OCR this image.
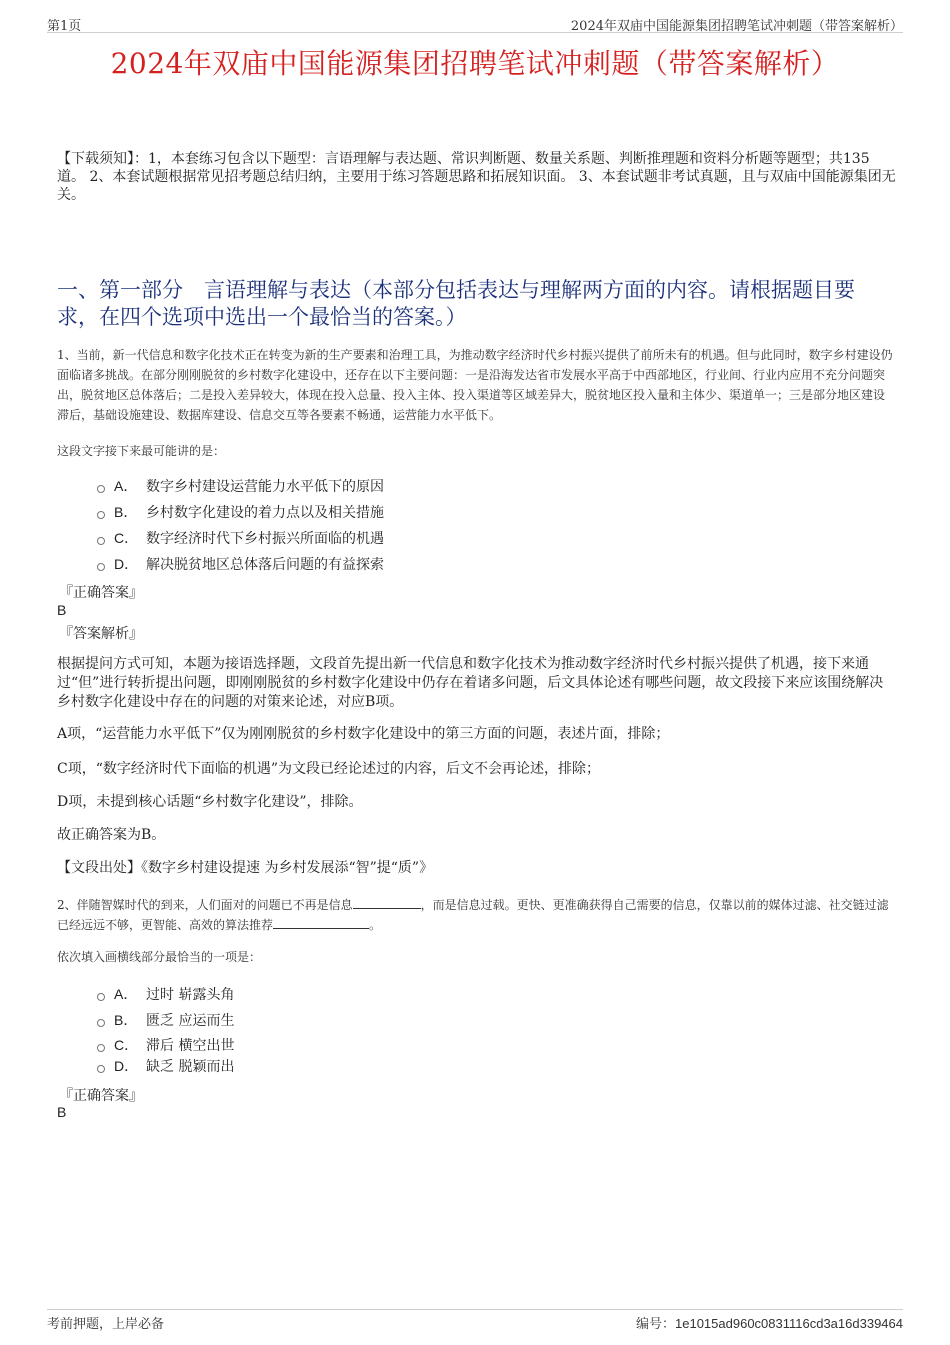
第1页	2024年双庙中国能源集团招聘笔试冲刺题（带答案解析）
2024年双庙中国能源集团招聘笔试冲刺题（带答案解析）
【下载须知】：1，本套练习包含以下题型：言语理解与表达题、常识判断题、数量关系题、判断推理题和资料分析题等题型；共135道。 2、本套试题根据常见招考题总结归纳，主要用于练习答题思路和拓展知识面。 3、本套试题非考试真题，且与双庙中国能源集团无关。
一、第一部分　言语理解与表达（本部分包括表达与理解两方面的内容。请根据题目要求，在四个选项中选出一个最恰当的答案。）
1、当前，新一代信息和数字化技术正在转变为新的生产要素和治理工具，为推动数字经济时代乡村振兴提供了前所未有的机遇。但与此同时，数字乡村建设仍面临诸多挑战。在部分刚刚脱贫的乡村数字化建设中，还存在以下主要问题：一是沿海发达省市发展水平高于中西部地区，行业间、行业内应用不充分问题突出，脱贫地区总体落后；二是投入差异较大，体现在投入总量、投入主体、投入渠道等区域差异大，脱贫地区投入量和主体少、渠道单一；三是部分地区建设滞后，基础设施建设、数据库建设、信息交互等各要素不畅通，运营能力水平低下。
这段文字接下来最可能讲的是：
A． 数字乡村建设运营能力水平低下的原因
B． 乡村数字化建设的着力点以及相关措施
C． 数字经济时代下乡村振兴所面临的机遇
D． 解决脱贫地区总体落后问题的有益探索
『正确答案』
B
『答案解析』
根据提问方式可知，本题为接语选择题，文段首先提出新一代信息和数字化技术为推动数字经济时代乡村振兴提供了机遇，接下来通过“但”进行转折提出问题，即刚刚脱贫的乡村数字化建设中仍存在着诸多问题，后文具体论述有哪些问题，故文段接下来应该围绕解决乡村数字化建设中存在的问题的对策来论述，对应B项。
A项，“运营能力水平低下”仅为刚刚脱贫的乡村数字化建设中的第三方面的问题，表述片面，排除；
C项，“数字经济时代下面临的机遇”为文段已经论述过的内容，后文不会再论述，排除；
D项，未提到核心话题“乡村数字化建设”，排除。
故正确答案为B。
【文段出处】《数字乡村建设提速 为乡村发展添“智”提“质”》
2、伴随智媒时代的到来，人们面对的问题已不再是信息	，而是信息过载。更快、更准确获得自己需要的信息，仅靠以前的媒体过滤、社交链过滤已经远远不够，更智能、高效的算法推荐	。
依次填入画横线部分最恰当的一项是：
A． 过时 崭露头角
B． 匮乏 应运而生
C． 滞后 横空出世
D． 缺乏 脱颖而出
『正确答案』
B
考前押题，上岸必备	编号：1e1015ad960c0831116cd3a16d339464
